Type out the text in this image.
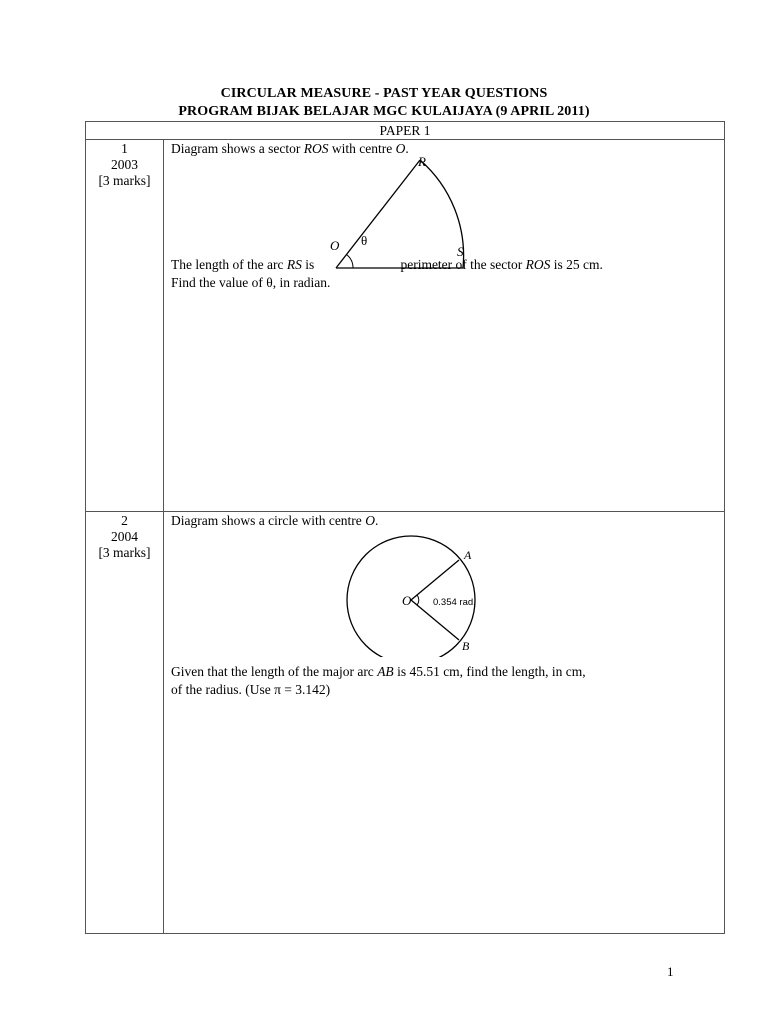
CIRCULAR MEASURE - PAST YEAR QUESTIONS
PROGRAM BIJAK BELAJAR MGC KULAIJAYA (9 APRIL 2011)
PAPER 1
1
2003
[3 marks]
Diagram shows a sector ROS with centre O.
O
R
S
θ
The length of the arc RS is	perimeter of the sector ROS is 25 cm.
Find the value of θ, in radian.
2
2004
[3 marks]
Diagram shows a circle with centre O.
O
A
B
0.354 rad.
Given that the length of the major arc AB is 45.51 cm, find the length, in cm,
of the radius. (Use π = 3.142)
1
